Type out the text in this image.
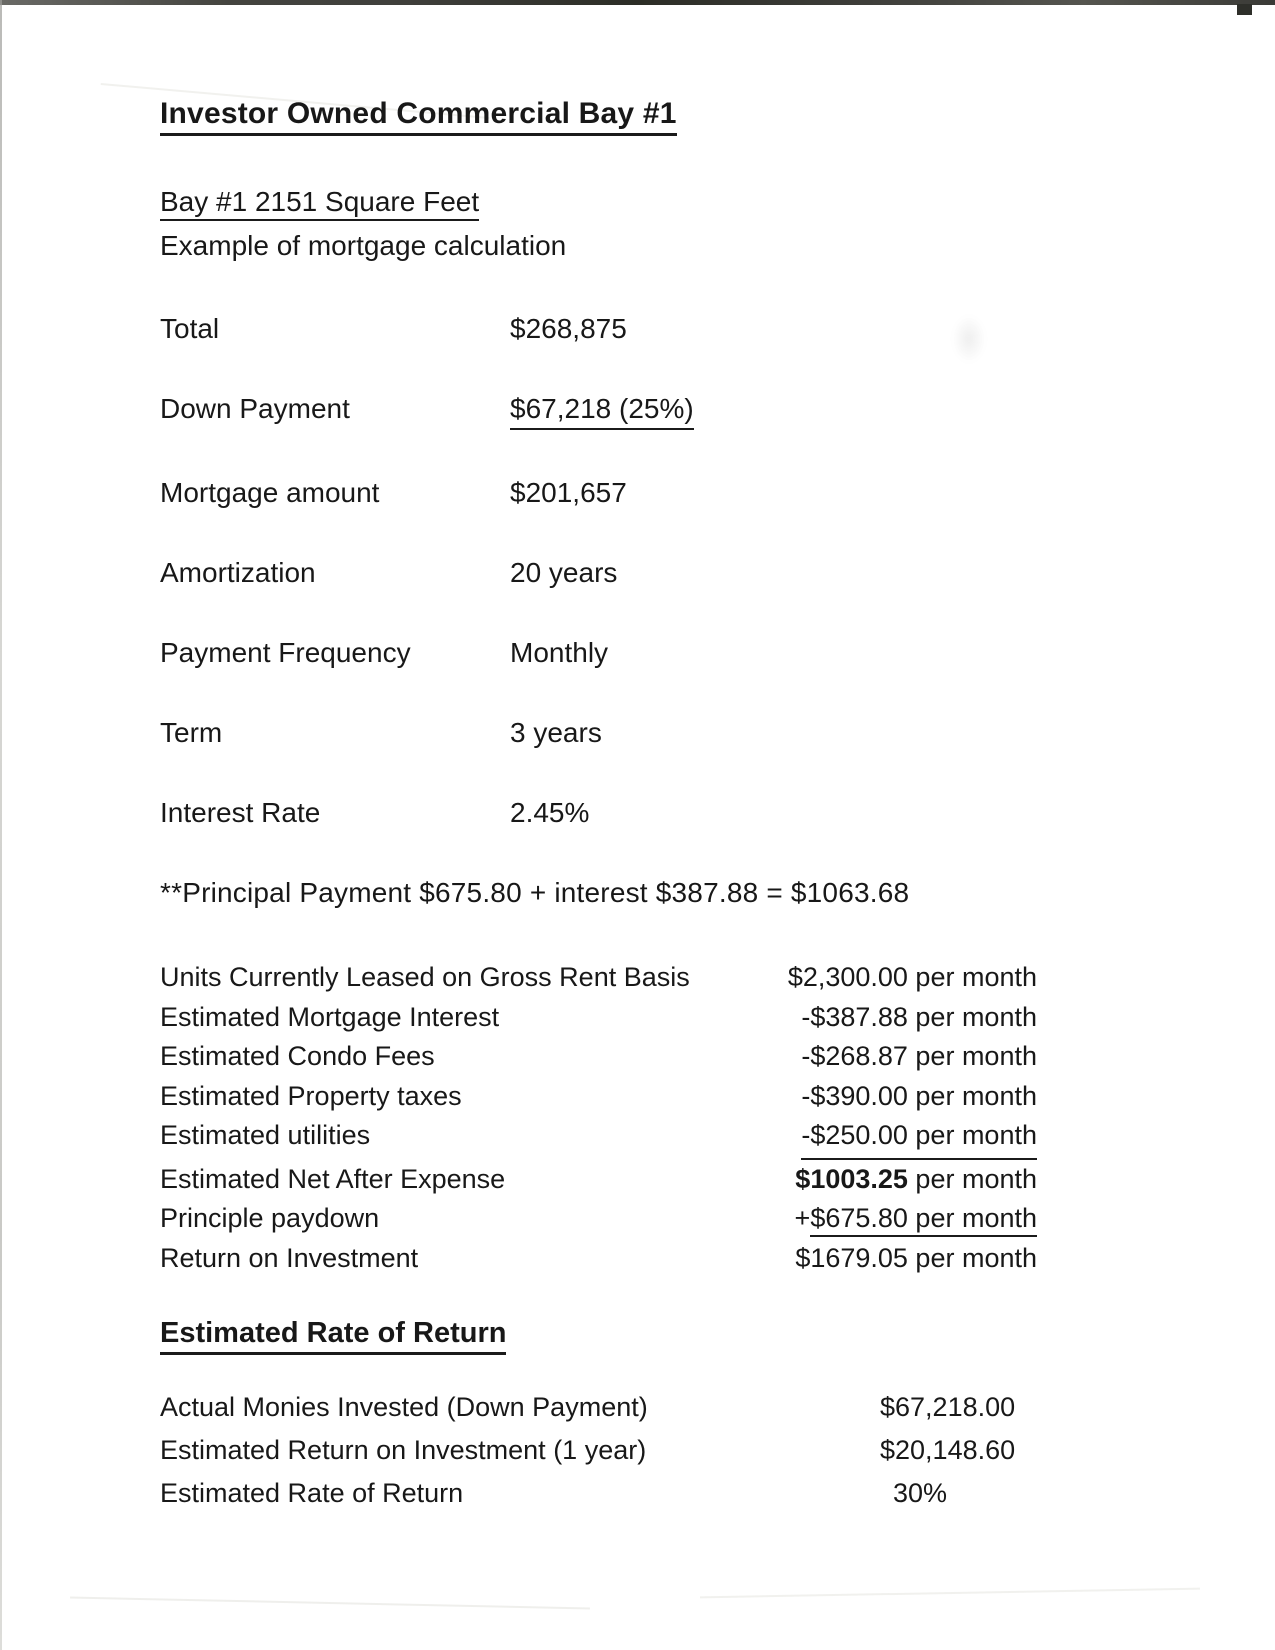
Investor Owned Commercial Bay #1
Bay #1 2151 Square Feet
Example of mortgage calculation
Total	$268,875
Down Payment	$67,218 (25%)
Mortgage amount	$201,657
Amortization	20 years
Payment Frequency	Monthly
Term	3 years
Interest Rate	2.45%
**Principal Payment $675.80 + interest $387.88 = $1063.68
Units Currently Leased on Gross Rent Basis	$2,300.00 per month
Estimated Mortgage Interest	-$387.88 per month
Estimated Condo Fees	-$268.87 per month
Estimated Property taxes	-$390.00 per month
Estimated utilities	-$250.00 per month
Estimated Net After Expense	$1003.25 per month
Principle paydown	+$675.80 per month
Return on Investment	$1679.05 per month
Estimated Rate of Return
Actual Monies Invested (Down Payment)	$67,218.00
Estimated Return on Investment (1 year)	$20,148.60
Estimated Rate of Return	30%
